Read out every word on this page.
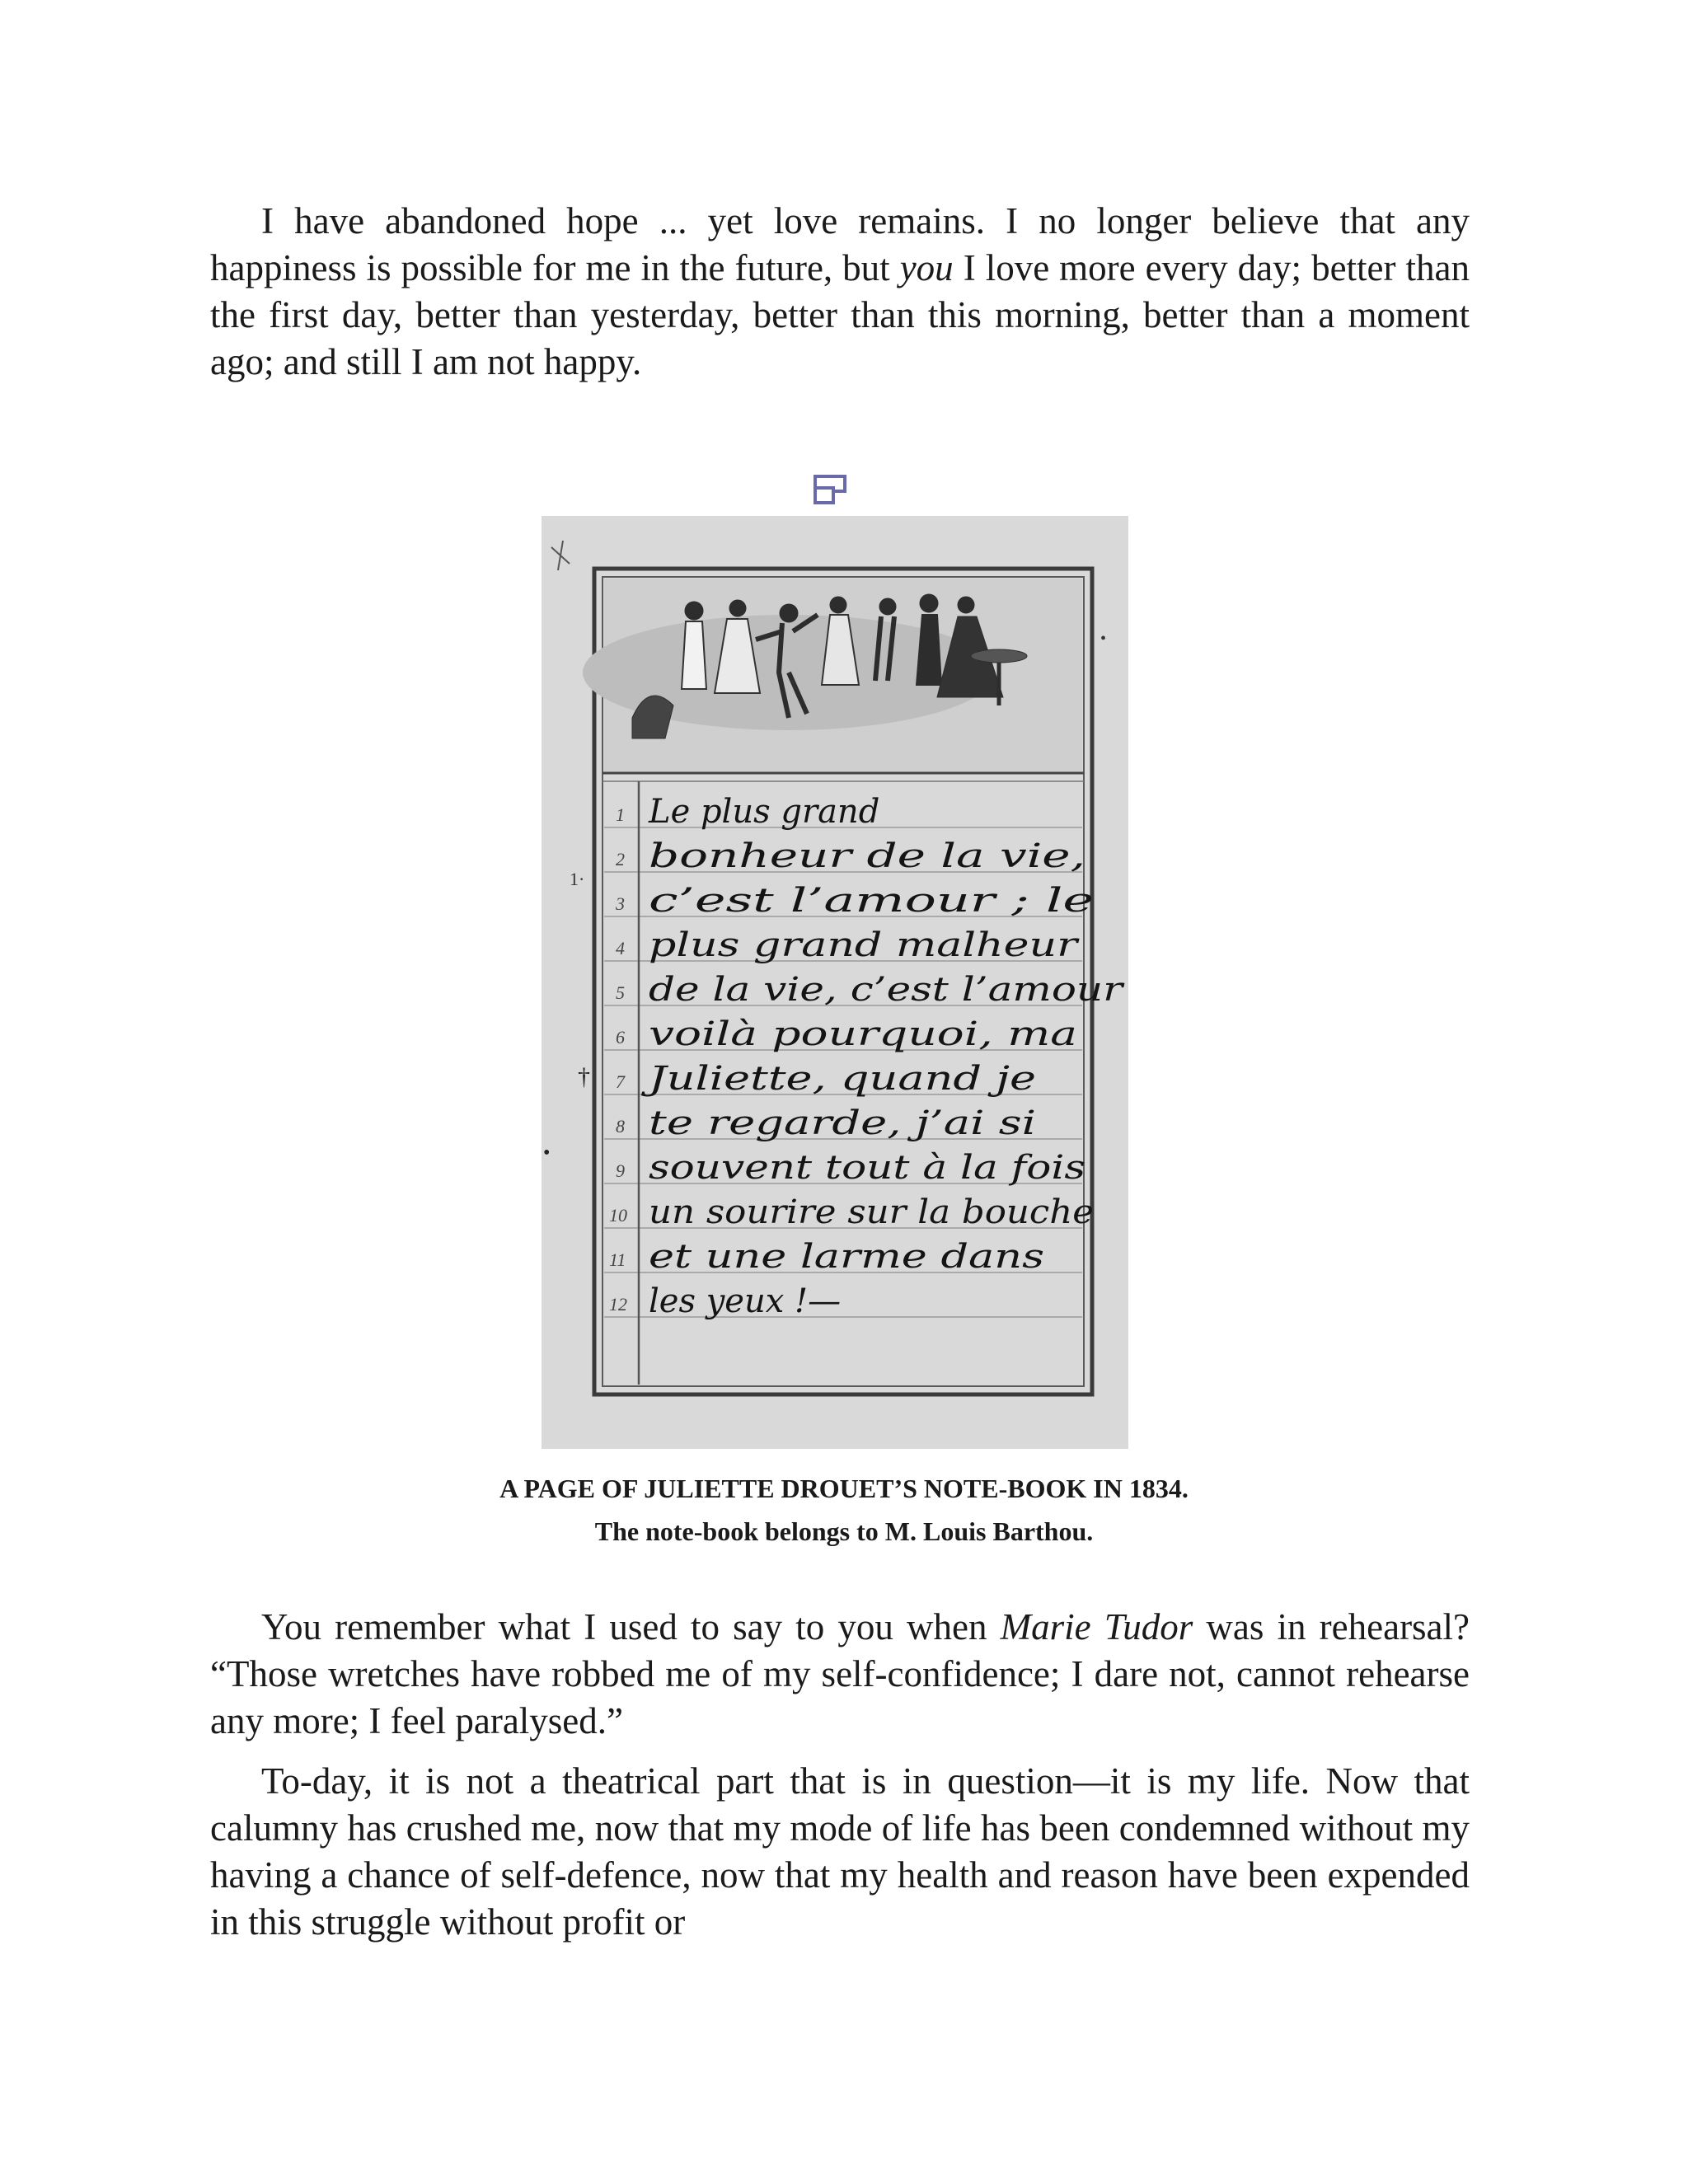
I have abandoned hope ... yet love remains. I no longer believe that any happiness is possible for me in the future, but you I love more every day; better than the first day, better than yesterday, better than this morning, better than a moment ago; and still I am not happy.

1·
†
•
•
1
2
3
4
5
6
7
8
9
10
11
12
Le plus grand
bonheur de la vie,
c’est l’amour ; le
plus grand malheur
de la vie, c’est l’amour
voilà pourquoi, ma
Juliette, quand je
te regarde, j’ai si
souvent tout à la fois
un sourire sur la bouche
et une larme dans
les yeux !—

A PAGE OF JULIETTE DROUET’S NOTE-BOOK IN 1834.

The note-book belongs to M. Louis Barthou.

You remember what I used to say to you when Marie Tudor was in rehearsal? “Those wretches have robbed me of my self-confidence; I dare not, cannot rehearse any more; I feel paralysed.”

To-day, it is not a theatrical part that is in question—it is my life. Now that calumny has crushed me, now that my mode of life has been condemned without my having a chance of self-defence, now that my health and reason have been expended in this struggle without profit or
